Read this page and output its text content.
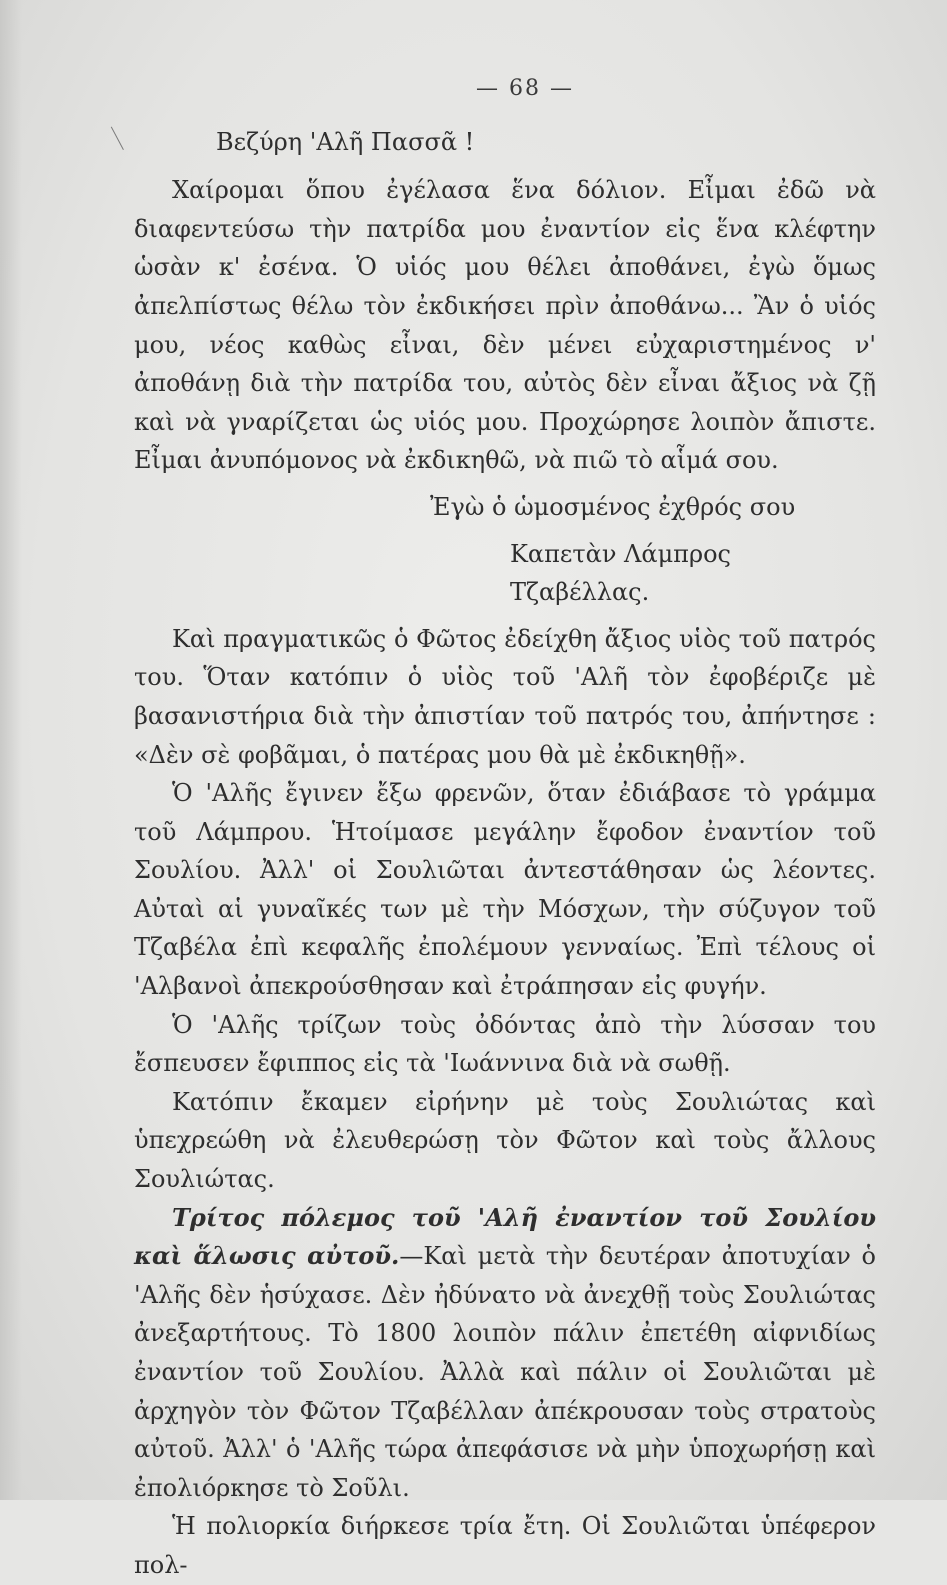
— 68 —
Βεζύρη 'Αλῆ Πασσᾶ !

Χαίρομαι ὅπου ἐγέλασα ἕνα δόλιον. Εἶμαι ἐδῶ νὰ διαφεντεύσω τὴν πατρίδα μου ἐναντίον εἰς ἕνα κλέφτην ὡσὰν κ' ἐσένα. Ὁ υἱός μου θέλει ἀποθάνει, ἐγὼ ὅμως ἀπελπίστως θέλω τὸν ἐκδικήσει πρὶν ἀποθάνω... Ἂν ὁ υἱός μου, νέος καθὼς εἶναι, δὲν μένει εὐχαριστημένος ν' ἀποθάνῃ διὰ τὴν πατρίδα του, αὐτὸς δὲν εἶναι ἄξιος νὰ ζῇ καὶ νὰ γναρίζεται ὡς υἱός μου. Προχώρησε λοιπὸν ἄπιστε. Εἶμαι ἀνυπόμονος νὰ ἐκδικηθῶ, νὰ πιῶ τὸ αἷμά σου.

Ἐγὼ ὁ ὡμοσμένος ἐχθρός σου
Καπετὰν Λάμπρος Τζαβέλλας.

Καὶ πραγματικῶς ὁ Φῶτος ἐδείχθη ἄξιος υἱὸς τοῦ πατρός του. Ὅταν κατόπιν ὁ υἱὸς τοῦ 'Αλῆ τὸν ἐφοβέριζε μὲ βασανιστήρια διὰ τὴν ἀπιστίαν τοῦ πατρός του, ἀπήντησε : «Δὲν σὲ φοβᾶμαι, ὁ πατέρας μου θὰ μὲ ἐκδικηθῇ».

Ὁ 'Αλῆς ἔγινεν ἔξω φρενῶν, ὅταν ἐδιάβασε τὸ γράμμα τοῦ Λάμπρου. Ἡτοίμασε μεγάλην ἔφοδον ἐναντίον τοῦ Σουλίου. Ἀλλ' οἱ Σουλιῶται ἀντεστάθησαν ὡς λέοντες. Αὐταὶ αἱ γυναῖκές των μὲ τὴν Μόσχων, τὴν σύζυγον τοῦ Τζαβέλα ἐπὶ κεφαλῆς ἐπολέμουν γενναίως. Ἐπὶ τέλους οἱ 'Αλβανοὶ ἀπεκρούσθησαν καὶ ἐτράπησαν εἰς φυγήν.

Ὁ 'Αλῆς τρίζων τοὺς ὀδόντας ἀπὸ τὴν λύσσαν του ἔσπευσεν ἔφιππος εἰς τὰ 'Ιωάννινα διὰ νὰ σωθῇ.

Κατόπιν ἔκαμεν εἰρήνην μὲ τοὺς Σουλιώτας καὶ ὑπεχρεώθη νὰ ἐλευθερώσῃ τὸν Φῶτον καὶ τοὺς ἄλλους Σουλιώτας.

Τρίτος πόλεμος τοῦ 'Αλῆ ἐναντίον τοῦ Σουλίου καὶ ἅλωσις αὐτοῦ.—Καὶ μετὰ τὴν δευτέραν ἀποτυχίαν ὁ 'Αλῆς δὲν ἡσύχασε. Δὲν ἠδύνατο νὰ ἀνεχθῇ τοὺς Σουλιώτας ἀνεξαρτήτους. Τὸ 1800 λοιπὸν πάλιν ἐπετέθη αἰφνιδίως ἐναντίον τοῦ Σουλίου. Ἀλλὰ καὶ πάλιν οἱ Σουλιῶται μὲ ἀρχηγὸν τὸν Φῶτον Τζαβέλλαν ἀπέκρουσαν τοὺς στρατοὺς αὐτοῦ. Ἀλλ' ὁ 'Αλῆς τώρα ἀπεφάσισε νὰ μὴν ὑποχωρήσῃ καὶ ἐπολιόρκησε τὸ Σοῦλι.

Ἡ πολιορκία διήρκεσε τρία ἔτη. Οἱ Σουλιῶται ὑπέφερον πολ-
